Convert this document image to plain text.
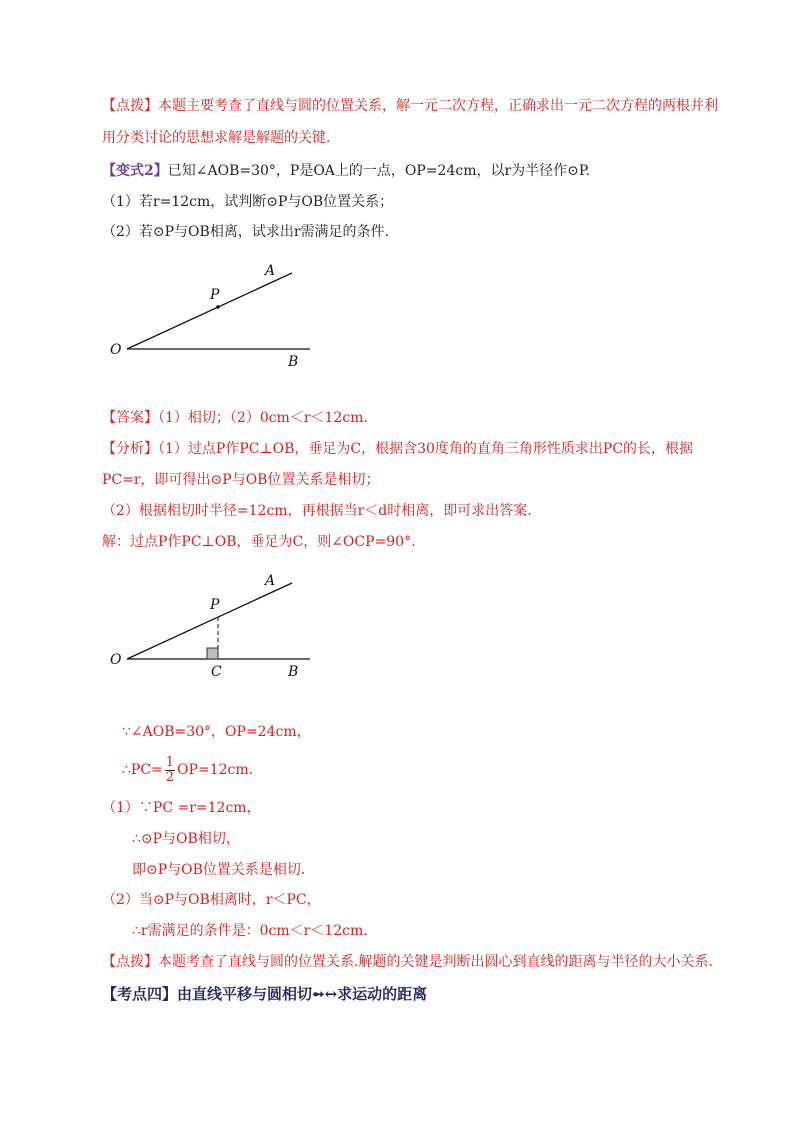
【点拨】本题主要考查了直线与圆的位置关系，解一元二次方程，正确求出一元二次方程的两根并利
用分类讨论的思想求解是解题的关键.
【变式2】已知∠AOB=30°，P是OA上的一点，OP=24cm，以r为半径作⊙P.
（1）若r=12cm，试判断⊙P与OB位置关系；
（2）若⊙P与OB相离，试求出r需满足的条件.
A
P
O
B
【答案】（1）相切；（2）0cm＜r＜12cm.
【分析】（1）过点P作PC⊥OB，垂足为C，根据含30度角的直角三角形性质求出PC的长，根据
PC=r，即可得出⊙P与OB位置关系是相切；
（2）根据相切时半径=12cm，再根据当r＜d时相离，即可求出答案.
解：过点P作PC⊥OB，垂足为C，则∠OCP=90°.
A
P
O
C	B
∵∠AOB=30°，OP=24cm，
∴PC= $\frac{1}{2} OP=12cm$.
（1）∵PC =r=12cm，
∴⊙P与OB相切，
即⊙P与OB位置关系是相切.
（2）当⊙P与OB相离时，r＜PC，
∴r需满足的条件是：0cm＜r＜12cm.
【点拨】本题考查了直线与圆的位置关系.解题的关键是判断出圆心到直线的距离与半径的大小关系.
【考点四】由直线平移与圆相切➻↔求运动的距离
